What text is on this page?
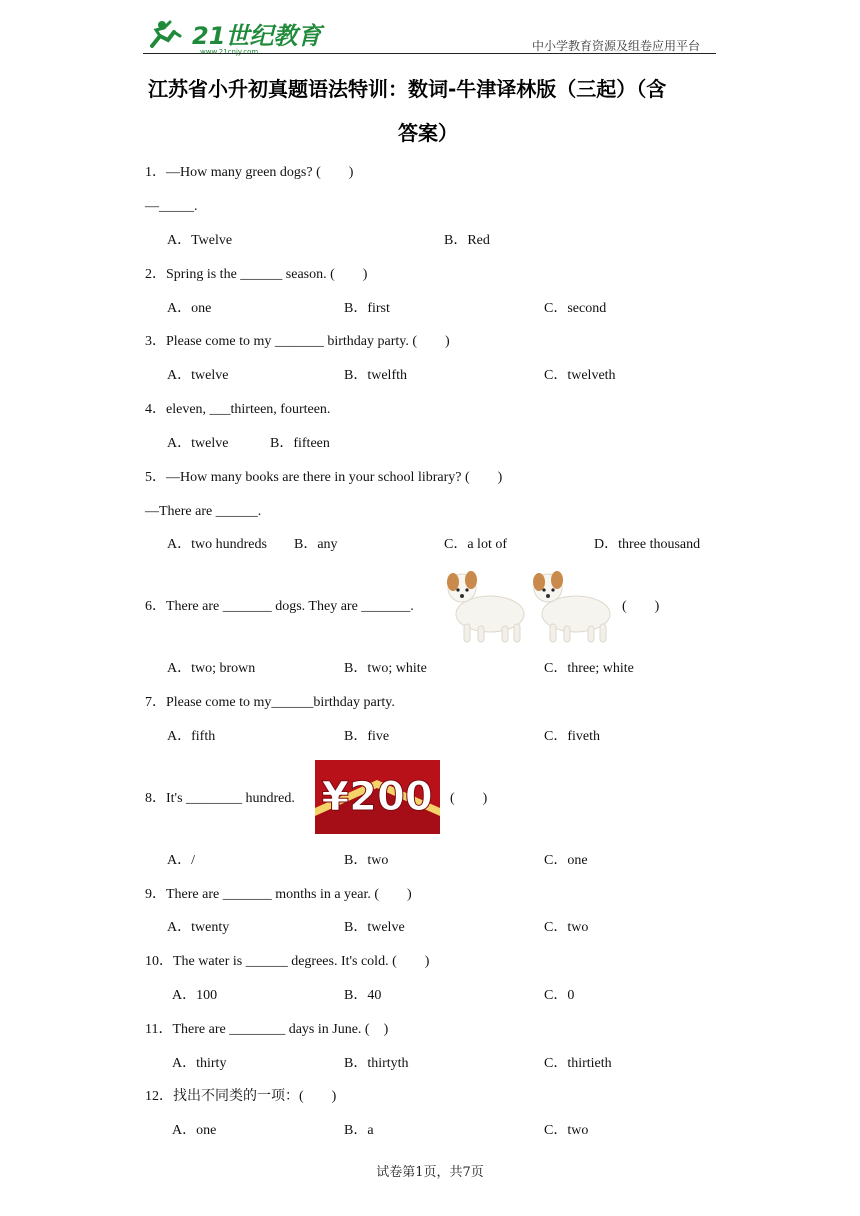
21世纪教育
www.21cnjy.com	中小学教育资源及组卷应用平台
江苏省小升初真题语法特训：数词-牛津译林版（三起）（含
答案）
1．—How many green dogs? (　　)
—_____.
A．Twelve	B．Red
2．Spring is the ______ season. (　　)
A．one	B．first	C．second
3．Please come to my _______ birthday party. (　　)
A．twelve	B．twelfth	C．twelveth
4．eleven, ___thirteen, fourteen.
A．twelve	B．fifteen
5．—How many books are there in your school library? (　　)
—There are ______.
A．two hundreds B．any	C．a lot of	D．three thousand
6．There are _______ dogs. They are _______.	(　　)
A．two; brown	B．two; white	C．three; white
7．Please come to my______birthday party.
A．fifth	B．five	C．fiveth
8．It's ________ hundred. ¥200 (　　)
A．/	B．two	C．one
9．There are _______ months in a year. (　　)
A．twenty	B．twelve	C．two
10．The water is ______ degrees. It's cold. (　　)
A．100	B．40	C．0
11．There are ________ days in June. (　)
A．thirty	B．thirtyth	C．thirtieth
12．找出不同类的一项：(　　)
A．one	B．a	C．two
试卷第1页，共7页
